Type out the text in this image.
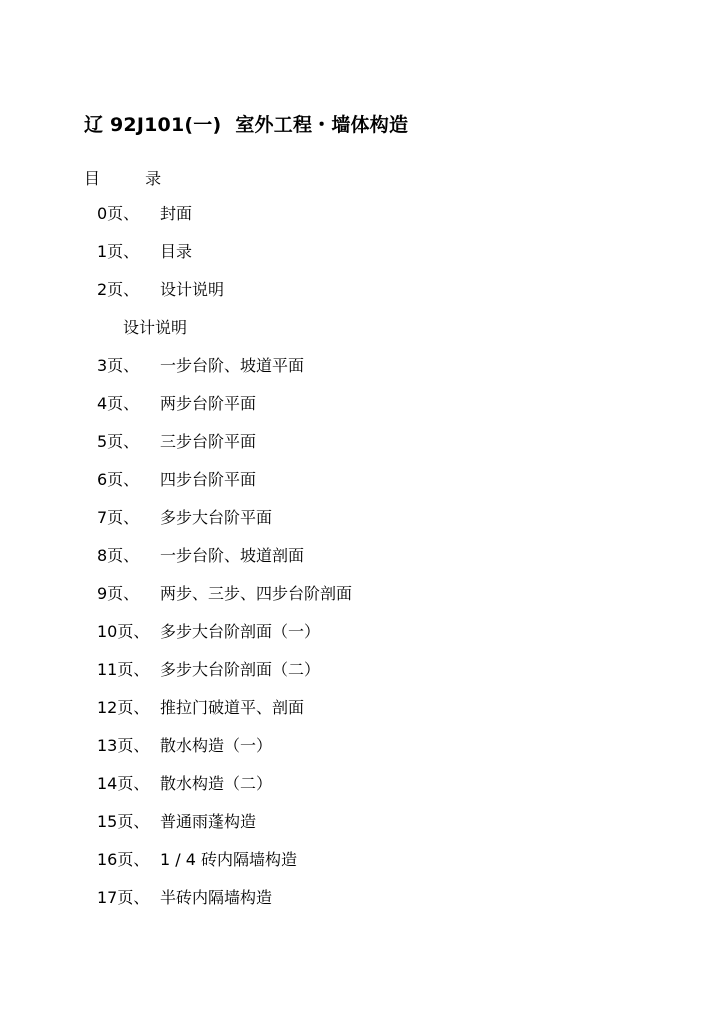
辽 92J101(一) 室外工程・墙体构造
目 录
0页、 封面
1页、 目录
2页、 设计说明
设计说明
3页、 一步台阶、坡道平面
4页、 两步台阶平面
5页、 三步台阶平面
6页、 四步台阶平面
7页、 多步大台阶平面
8页、 一步台阶、坡道剖面
9页、 两步、三步、四步台阶剖面
10页、 多步大台阶剖面（一）
11页、 多步大台阶剖面（二）
12页、 推拉门破道平、剖面
13页、 散水构造（一）
14页、 散水构造（二）
15页、 普通雨蓬构造
16页、 1 / 4 砖内隔墙构造
17页、 半砖内隔墙构造
